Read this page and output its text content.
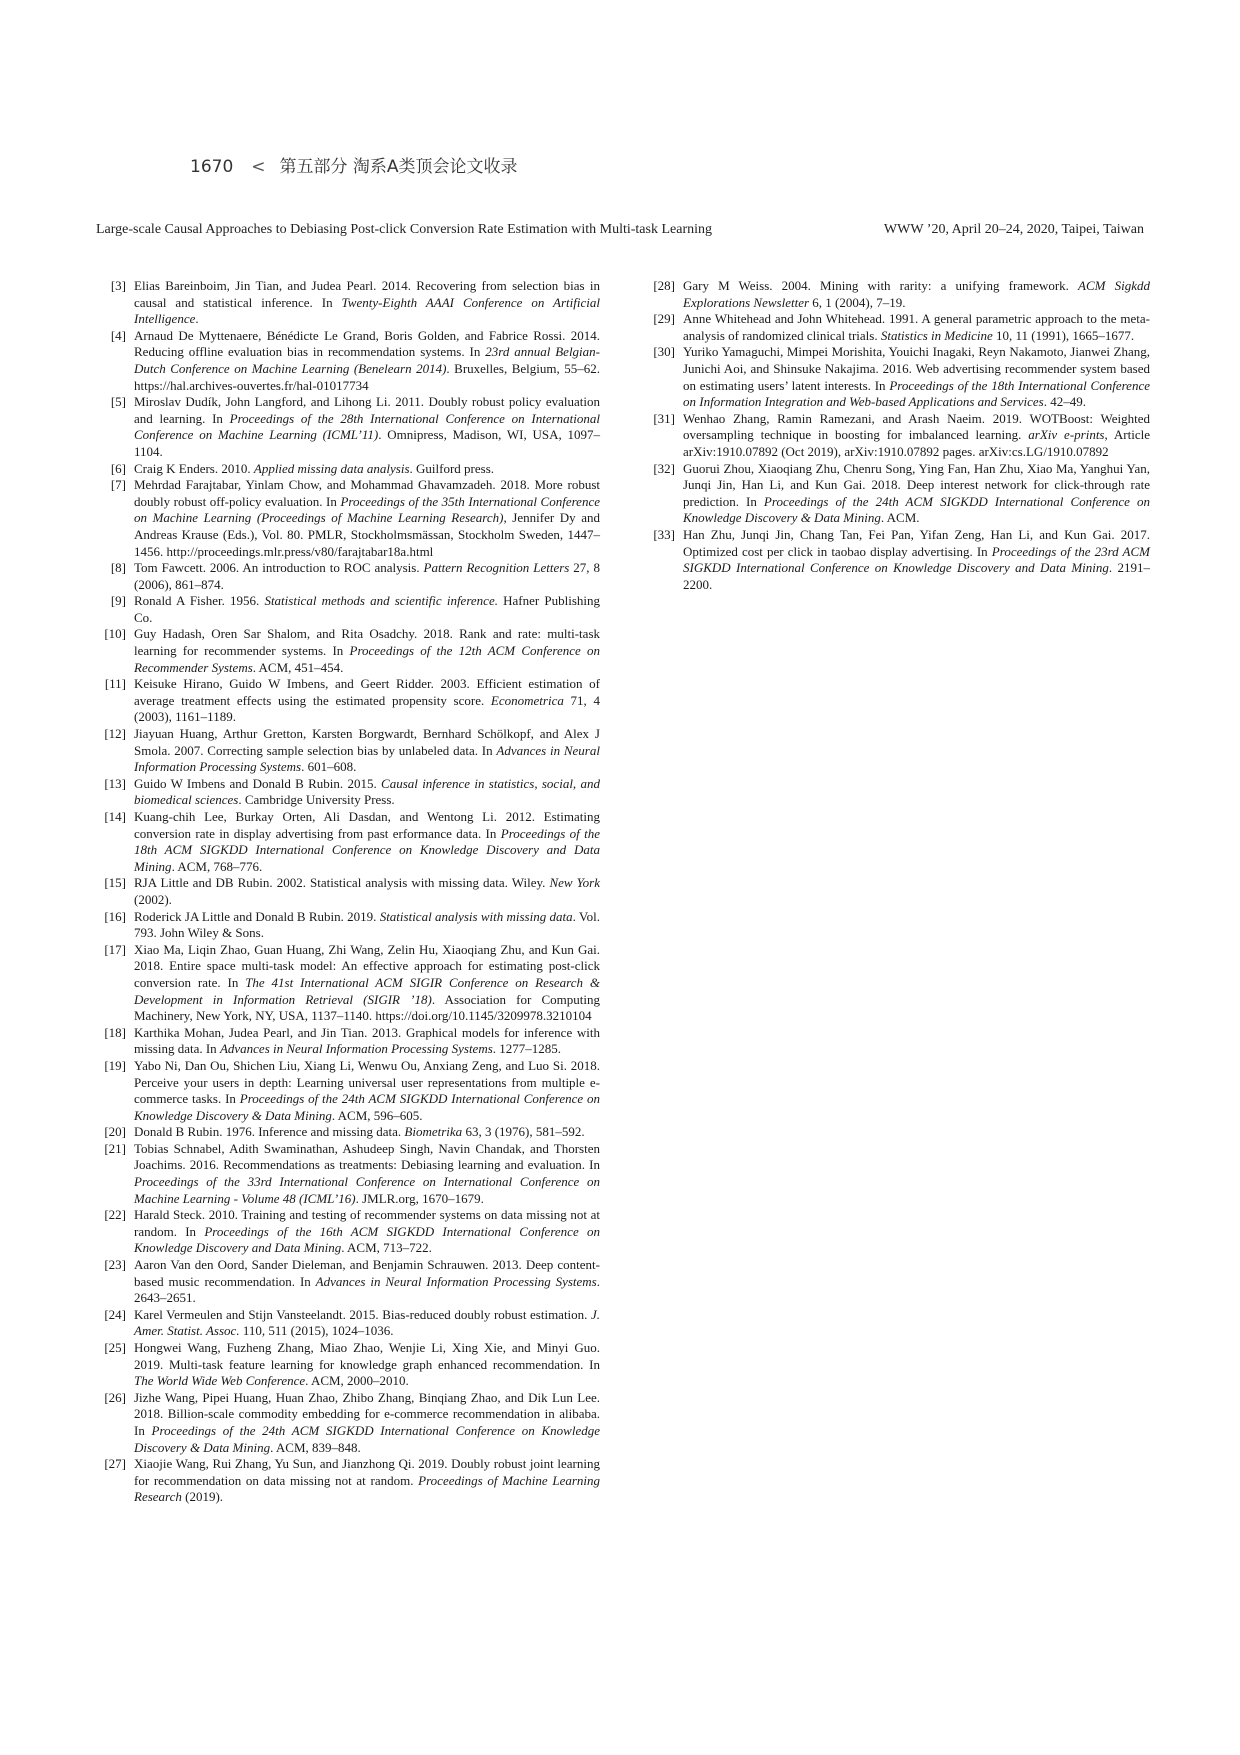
1670 < 第五部分 淘系A类顶会论文收录
Large-scale Causal Approaches to Debiasing Post-click Conversion Rate Estimation with Multi-task Learning	WWW ’20, April 20–24, 2020, Taipei, Taiwan
[3] Elias Bareinboim, Jin Tian, and Judea Pearl. 2014. Recovering from selection bias in causal and statistical inference. In Twenty-Eighth AAAI Conference on Artificial Intelligence.
[4] Arnaud De Myttenaere, Bénédicte Le Grand, Boris Golden, and Fabrice Rossi. 2014. Reducing offline evaluation bias in recommendation systems. In 23rd annual Belgian-Dutch Conference on Machine Learning (Benelearn 2014). Bruxelles, Belgium, 55–62. https://hal.archives-ouvertes.fr/hal-01017734
[5] Miroslav Dudík, John Langford, and Lihong Li. 2011. Doubly robust policy evaluation and learning. In Proceedings of the 28th International Conference on International Conference on Machine Learning (ICML’11). Omnipress, Madison, WI, USA, 1097–1104.
[6] Craig K Enders. 2010. Applied missing data analysis. Guilford press.
[7] Mehrdad Farajtabar, Yinlam Chow, and Mohammad Ghavamzadeh. 2018. More robust doubly robust off-policy evaluation. In Proceedings of the 35th International Conference on Machine Learning (Proceedings of Machine Learning Research), Jennifer Dy and Andreas Krause (Eds.), Vol. 80. PMLR, Stockholmsmässan, Stockholm Sweden, 1447–1456. http://proceedings.mlr.press/v80/farajtabar18a.html
[8] Tom Fawcett. 2006. An introduction to ROC analysis. Pattern Recognition Letters 27, 8 (2006), 861–874.
[9] Ronald A Fisher. 1956. Statistical methods and scientific inference. Hafner Publishing Co.
[10] Guy Hadash, Oren Sar Shalom, and Rita Osadchy. 2018. Rank and rate: multi-task learning for recommender systems. In Proceedings of the 12th ACM Conference on Recommender Systems. ACM, 451–454.
[11] Keisuke Hirano, Guido W Imbens, and Geert Ridder. 2003. Efficient estimation of average treatment effects using the estimated propensity score. Econometrica 71, 4 (2003), 1161–1189.
[12] Jiayuan Huang, Arthur Gretton, Karsten Borgwardt, Bernhard Schölkopf, and Alex J Smola. 2007. Correcting sample selection bias by unlabeled data. In Advances in Neural Information Processing Systems. 601–608.
[13] Guido W Imbens and Donald B Rubin. 2015. Causal inference in statistics, social, and biomedical sciences. Cambridge University Press.
[14] Kuang-chih Lee, Burkay Orten, Ali Dasdan, and Wentong Li. 2012. Estimating conversion rate in display advertising from past erformance data. In Proceedings of the 18th ACM SIGKDD International Conference on Knowledge Discovery and Data Mining. ACM, 768–776.
[15] RJA Little and DB Rubin. 2002. Statistical analysis with missing data. Wiley. New York (2002).
[16] Roderick JA Little and Donald B Rubin. 2019. Statistical analysis with missing data. Vol. 793. John Wiley & Sons.
[17] Xiao Ma, Liqin Zhao, Guan Huang, Zhi Wang, Zelin Hu, Xiaoqiang Zhu, and Kun Gai. 2018. Entire space multi-task model: An effective approach for estimating post-click conversion rate. In The 41st International ACM SIGIR Conference on Research & Development in Information Retrieval (SIGIR ’18). Association for Computing Machinery, New York, NY, USA, 1137–1140. https://doi.org/10.1145/3209978.3210104
[18] Karthika Mohan, Judea Pearl, and Jin Tian. 2013. Graphical models for inference with missing data. In Advances in Neural Information Processing Systems. 1277–1285.
[19] Yabo Ni, Dan Ou, Shichen Liu, Xiang Li, Wenwu Ou, Anxiang Zeng, and Luo Si. 2018. Perceive your users in depth: Learning universal user representations from multiple e-commerce tasks. In Proceedings of the 24th ACM SIGKDD International Conference on Knowledge Discovery & Data Mining. ACM, 596–605.
[20] Donald B Rubin. 1976. Inference and missing data. Biometrika 63, 3 (1976), 581–592.
[21] Tobias Schnabel, Adith Swaminathan, Ashudeep Singh, Navin Chandak, and Thorsten Joachims. 2016. Recommendations as treatments: Debiasing learning and evaluation. In Proceedings of the 33rd International Conference on International Conference on Machine Learning - Volume 48 (ICML’16). JMLR.org, 1670–1679.
[22] Harald Steck. 2010. Training and testing of recommender systems on data missing not at random. In Proceedings of the 16th ACM SIGKDD International Conference on Knowledge Discovery and Data Mining. ACM, 713–722.
[23] Aaron Van den Oord, Sander Dieleman, and Benjamin Schrauwen. 2013. Deep content-based music recommendation. In Advances in Neural Information Processing Systems. 2643–2651.
[24] Karel Vermeulen and Stijn Vansteelandt. 2015. Bias-reduced doubly robust estimation. J. Amer. Statist. Assoc. 110, 511 (2015), 1024–1036.
[25] Hongwei Wang, Fuzheng Zhang, Miao Zhao, Wenjie Li, Xing Xie, and Minyi Guo. 2019. Multi-task feature learning for knowledge graph enhanced recommendation. In The World Wide Web Conference. ACM, 2000–2010.
[26] Jizhe Wang, Pipei Huang, Huan Zhao, Zhibo Zhang, Binqiang Zhao, and Dik Lun Lee. 2018. Billion-scale commodity embedding for e-commerce recommendation in alibaba. In Proceedings of the 24th ACM SIGKDD International Conference on Knowledge Discovery & Data Mining. ACM, 839–848.
[27] Xiaojie Wang, Rui Zhang, Yu Sun, and Jianzhong Qi. 2019. Doubly robust joint learning for recommendation on data missing not at random. Proceedings of Machine Learning Research (2019).
[28] Gary M Weiss. 2004. Mining with rarity: a unifying framework. ACM Sigkdd Explorations Newsletter 6, 1 (2004), 7–19.
[29] Anne Whitehead and John Whitehead. 1991. A general parametric approach to the meta-analysis of randomized clinical trials. Statistics in Medicine 10, 11 (1991), 1665–1677.
[30] Yuriko Yamaguchi, Mimpei Morishita, Youichi Inagaki, Reyn Nakamoto, Jianwei Zhang, Junichi Aoi, and Shinsuke Nakajima. 2016. Web advertising recommender system based on estimating users’ latent interests. In Proceedings of the 18th International Conference on Information Integration and Web-based Applications and Services. 42–49.
[31] Wenhao Zhang, Ramin Ramezani, and Arash Naeim. 2019. WOTBoost: Weighted oversampling technique in boosting for imbalanced learning. arXiv e-prints, Article arXiv:1910.07892 (Oct 2019), arXiv:1910.07892 pages. arXiv:cs.LG/1910.07892
[32] Guorui Zhou, Xiaoqiang Zhu, Chenru Song, Ying Fan, Han Zhu, Xiao Ma, Yanghui Yan, Junqi Jin, Han Li, and Kun Gai. 2018. Deep interest network for click-through rate prediction. In Proceedings of the 24th ACM SIGKDD International Conference on Knowledge Discovery & Data Mining. ACM.
[33] Han Zhu, Junqi Jin, Chang Tan, Fei Pan, Yifan Zeng, Han Li, and Kun Gai. 2017. Optimized cost per click in taobao display advertising. In Proceedings of the 23rd ACM SIGKDD International Conference on Knowledge Discovery and Data Mining. 2191–2200.
